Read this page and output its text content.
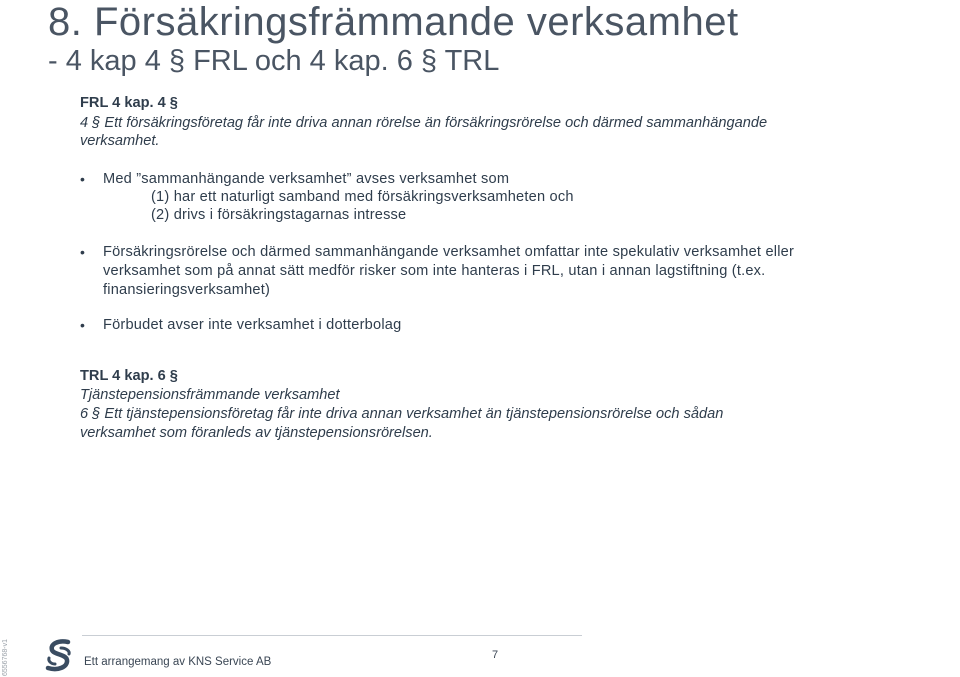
8. Försäkringsfrämmande verksamhet
- 4 kap 4 § FRL och 4 kap. 6 § TRL
FRL 4 kap. 4 §
4 § Ett försäkringsföretag får inte driva annan rörelse än försäkringsrörelse och därmed sammanhängande
verksamhet.
•	Med ”sammanhängande verksamhet” avses verksamhet som
(1) har ett naturligt samband med försäkringsverksamheten och
(2) drivs i försäkringstagarnas intresse
•	Försäkringsrörelse och därmed sammanhängande verksamhet omfattar inte spekulativ verksamhet eller
verksamhet som på annat sätt medför risker som inte hanteras i FRL, utan i annan lagstiftning (t.ex.
finansieringsverksamhet)
•	Förbudet avser inte verksamhet i dotterbolag
TRL 4 kap. 6 §
Tjänstepensionsfrämmande verksamhet
6 § Ett tjänstepensionsföretag får inte driva annan verksamhet än tjänstepensionsrörelse och sådan
verksamhet som föranleds av tjänstepensionsrörelsen.
Ett arrangemang av KNS Service AB
7
6556768-v1
